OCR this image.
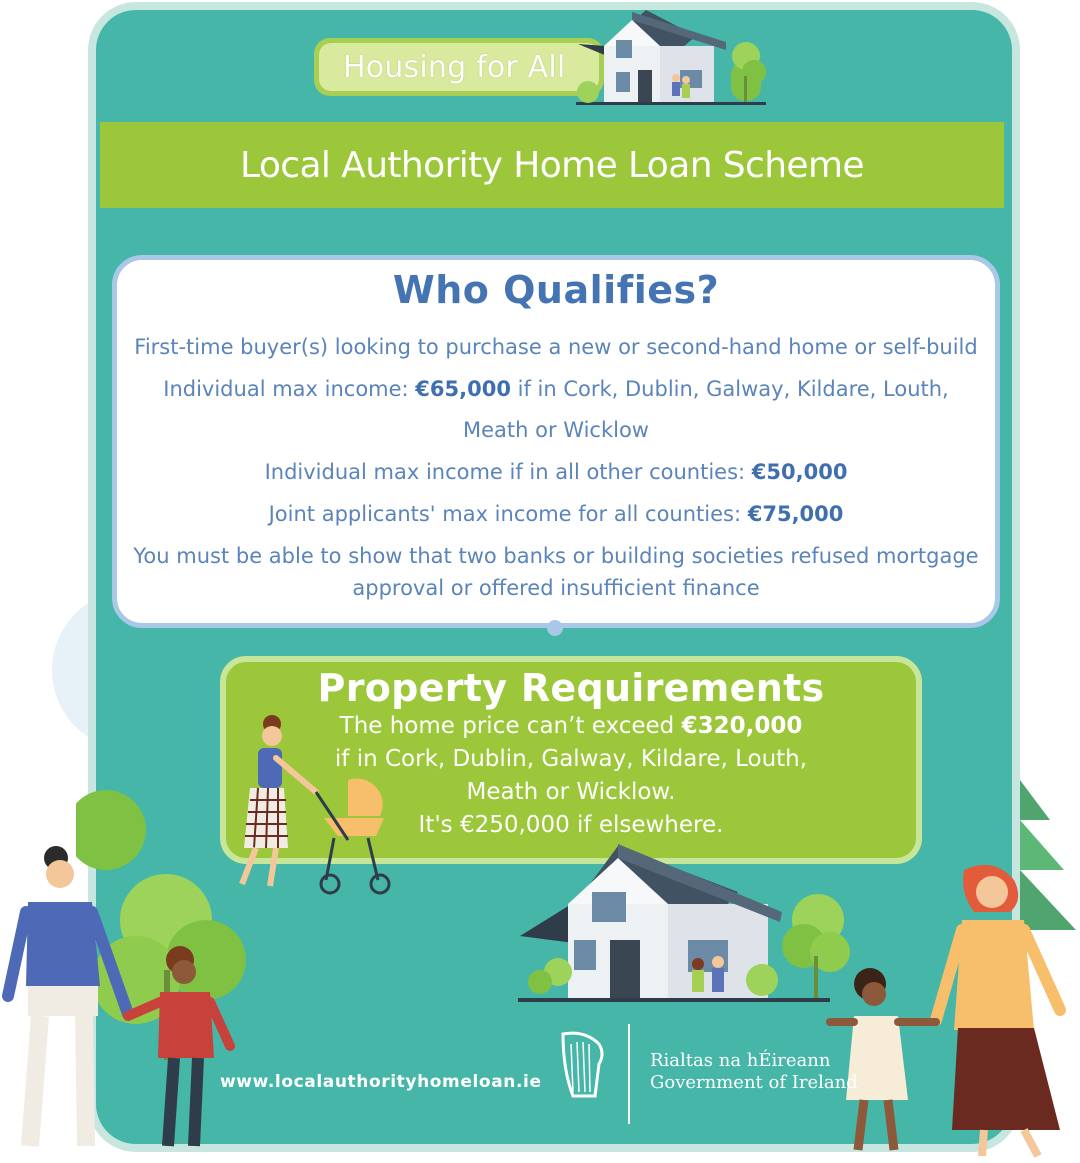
Housing for All
Local Authority Home Loan Scheme
Who Qualifies?
First-time buyer(s) looking to purchase a new or second-hand home or self-build
Individual max income: €65,000 if in Cork, Dublin, Galway, Kildare, Louth,
Meath or Wicklow
Individual max income if in all other counties: €50,000
Joint applicants' max income for all counties: €75,000
You must be able to show that two banks or building societies refused mortgage
approval or offered insufficient finance
Property Requirements
The home price can’t exceed €320,000
if in Cork, Dublin, Galway, Kildare, Louth,
Meath or Wicklow.
It's €250,000 if elsewhere.
www.localauthorityhomeloan.ie
Rialtas na hÉireann
Government of Ireland
